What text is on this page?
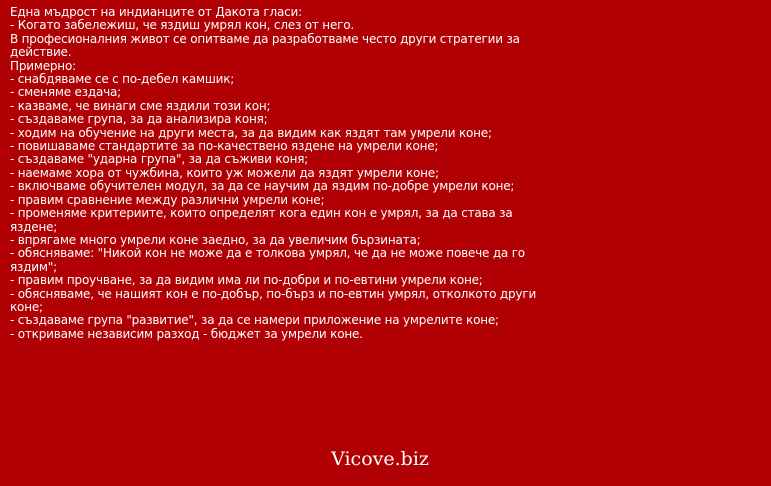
Една мъдрост на индианците от Дакота гласи:
- Когато забележиш, че яздиш умрял кон, слез от него.
В професионалния живот се опитваме да разработваме често други стратегии за действие.
Примерно:
- снабдяваме се с по-дебел камшик;
- сменяме ездача;
- казваме, че винаги сме яздили този кон;
- създаваме група, за да анализира коня;
- ходим на обучение на други места, за да видим как яздят там умрели коне;
- повишаваме стандартите за по-качествено яздене на умрели коне;
- създаваме "ударна група", за да съживи коня;
- наемаме хора от чужбина, които уж можели да яздят умрели коне;
- включваме обучителен модул, за да се научим да яздим по-добре умрели коне;
- правим сравнение между различни умрели коне;
- променяме критериите, които определят кога един кон е умрял, за да става за яздене;
- впрягаме много умрели коне заедно, за да увеличим бързината;
- обясняваме: "Никой кон не може да е толкова умрял, че да не може повече да го яздим";
- правим проучване, за да видим има ли по-добри и по-евтини умрели коне;
- обясняваме, че нашият кон е по-добър, по-бърз и по-евтин умрял, отколкото други коне;
- създаваме група "развитие", за да се намери приложение на умрелите коне;
- откриваме независим разход - бюджет за умрели коне.
Vicove.biz
